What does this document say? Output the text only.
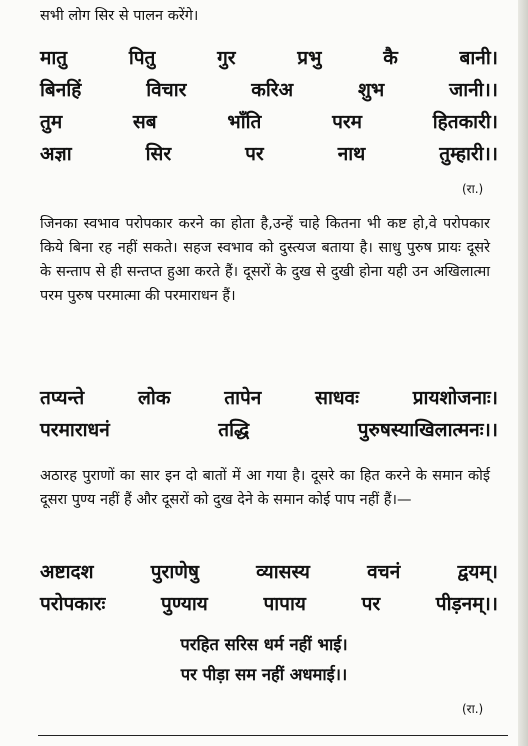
सभी लोग सिर से पालन करेंगे।

मातु	पितु	गुर	प्रभु	कै	बानी।
बिनहिं	विचार	करिअ	शुभ	जानी।।
तुम	सब	भाँति	परम	हितकारी।
अज्ञा	सिर	पर	नाथ	तुम्हारी।।
(रा.)

जिनका स्वभाव परोपकार करने का होता है,उन्हें चाहे कितना भी कष्ट हो,वे परोपकार किये बिना रह नहीं सकते। सहज स्वभाव को दुस्त्यज बताया है। साधु पुरुष प्रायः दूसरे के सन्ताप से ही सन्तप्त हुआ करते हैं। दूसरों के दुख से दुखी होना यही उन अखिलात्मा परम पुरुष परमात्मा की परमाराधन हैं।

तप्यन्ते	लोक	तापेन	साधवः	प्रायशोजनाः।
परमाराधनं	तद्धि	पुरुषस्याखिलात्मनः।।

अठारह पुराणों का सार इन दो बातों में आ गया है। दूसरे का हित करने के समान कोई दूसरा पुण्य नहीं हैं और दूसरों को दुख देने के समान कोई पाप नहीं हैं।—

अष्टादश	पुराणेषु	व्यासस्य	वचनं	द्वयम्।
परोपकारः	पुण्याय	पापाय	पर	पीड़नम्।।
परहित सरिस धर्म नहीं भाई।
पर पीड़ा सम नहीं अधमाई।।
(रा.)
